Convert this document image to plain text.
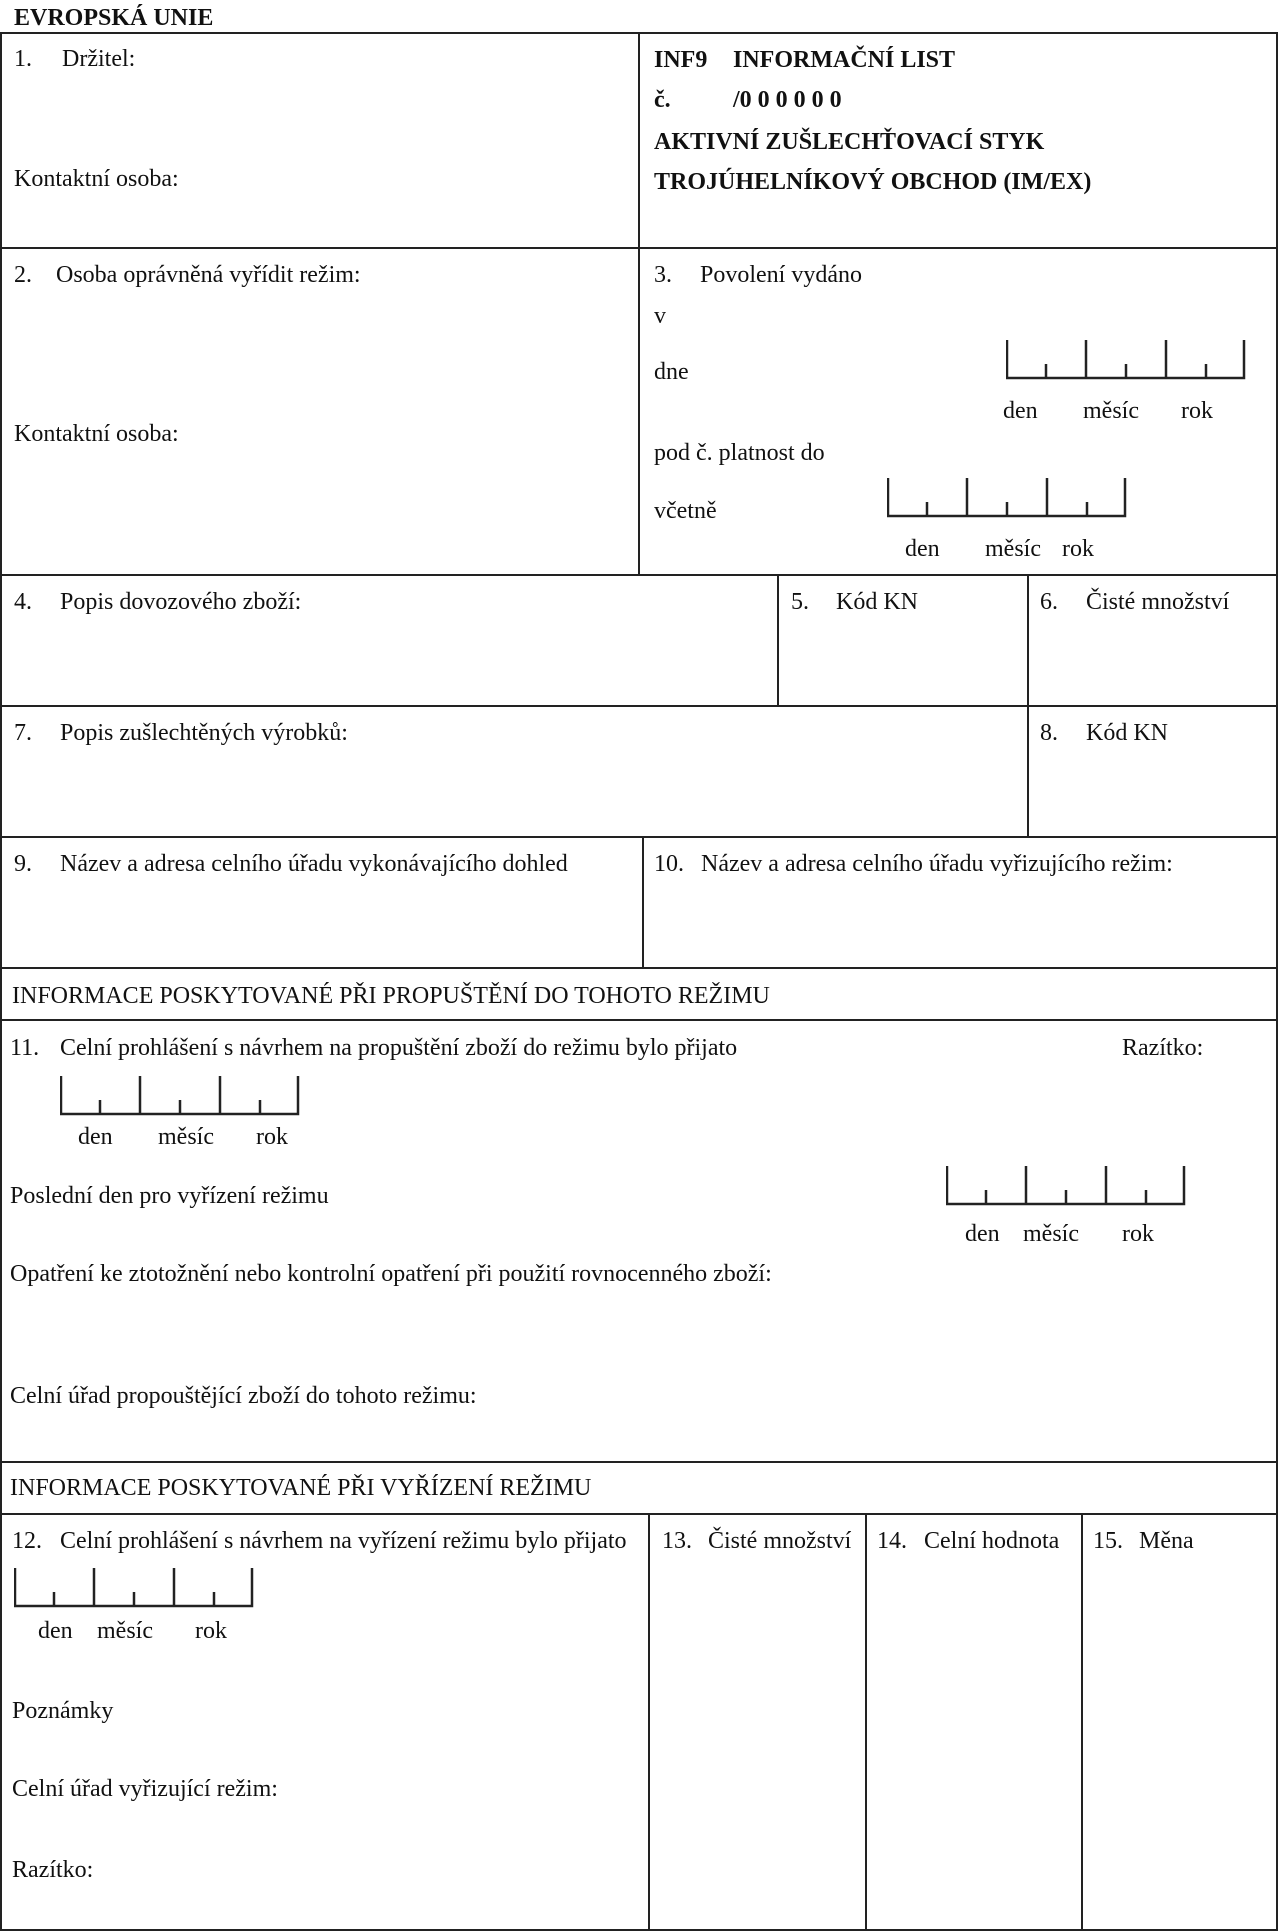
EVROPSKÁ UNIE
1. Držitel:
Kontaktní osoba:
INF9 INFORMAČNÍ LIST
č.	/0 0 0 0 0 0
AKTIVNÍ ZUŠLECHŤOVACÍ STYK
TROJÚHELNÍKOVÝ OBCHOD (IM/EX)
2. Osoba oprávněná vyřídit režim:
Kontaktní osoba:
3. Povolení vydáno
v
dne
pod č. platnost do
včetně
den měsíc rok
den měsíc rok
4. Popis dovozového zboží:	5. Kód KN	6. Čisté množství
7. Popis zušlechtěných výrobků:	8. Kód KN
9. Název a adresa celního úřadu vykonávajícího dohled	10. Název a adresa celního úřadu vyřizujícího režim:
INFORMACE POSKYTOVANÉ PŘI PROPUŠTĚNÍ DO TOHOTO REŽIMU
11. Celní prohlášení s návrhem na propuštění zboží do režimu bylo přijato	Razítko:
den měsíc rok
Poslední den pro vyřízení režimu
den měsíc rok
Opatření ke ztotožnění nebo kontrolní opatření při použití rovnocenného zboží:
Celní úřad propouštějící zboží do tohoto režimu:
INFORMACE POSKYTOVANÉ PŘI VYŘÍZENÍ REŽIMU
12. Celní prohlášení s návrhem na vyřízení režimu bylo přijato
den měsíc rok
Poznámky
Celní úřad vyřizující režim:
Razítko:
13. Čisté množství 14. Celní hodnota 15. Měna
